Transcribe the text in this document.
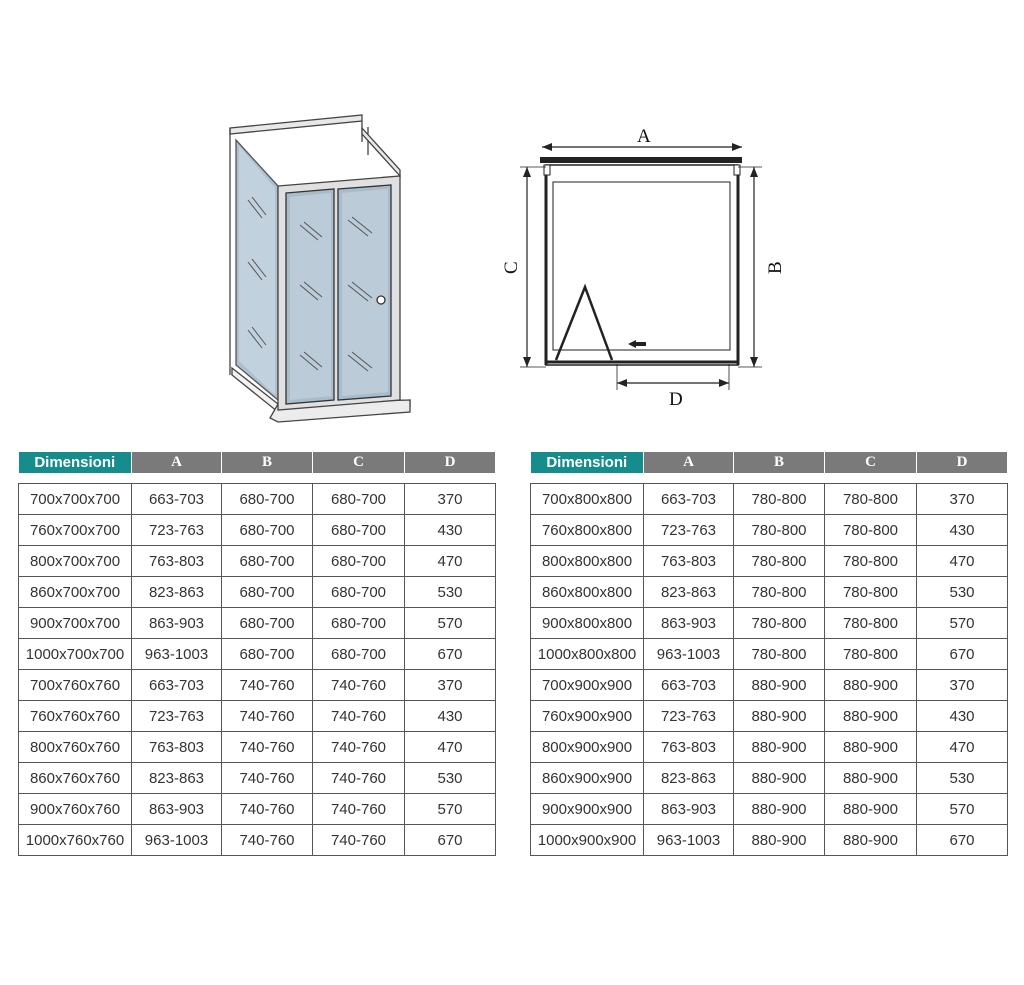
A
C	B
D
Dimensioni	A	B	C	D

700x700x700	663-703	680-700	680-700	370
760x700x700	723-763	680-700	680-700	430
800x700x700	763-803	680-700	680-700	470
860x700x700	823-863	680-700	680-700	530
900x700x700	863-903	680-700	680-700	570
1000x700x700	963-1003	680-700	680-700	670
700x760x760	663-703	740-760	740-760	370
760x760x760	723-763	740-760	740-760	430
800x760x760	763-803	740-760	740-760	470
860x760x760	823-863	740-760	740-760	530
900x760x760	863-903	740-760	740-760	570
1000x760x760	963-1003	740-760	740-760	670
Dimensioni	A	B	C	D

700x800x800	663-703	780-800	780-800	370
760x800x800	723-763	780-800	780-800	430
800x800x800	763-803	780-800	780-800	470
860x800x800	823-863	780-800	780-800	530
900x800x800	863-903	780-800	780-800	570
1000x800x800	963-1003	780-800	780-800	670
700x900x900	663-703	880-900	880-900	370
760x900x900	723-763	880-900	880-900	430
800x900x900	763-803	880-900	880-900	470
860x900x900	823-863	880-900	880-900	530
900x900x900	863-903	880-900	880-900	570
1000x900x900	963-1003	880-900	880-900	670
